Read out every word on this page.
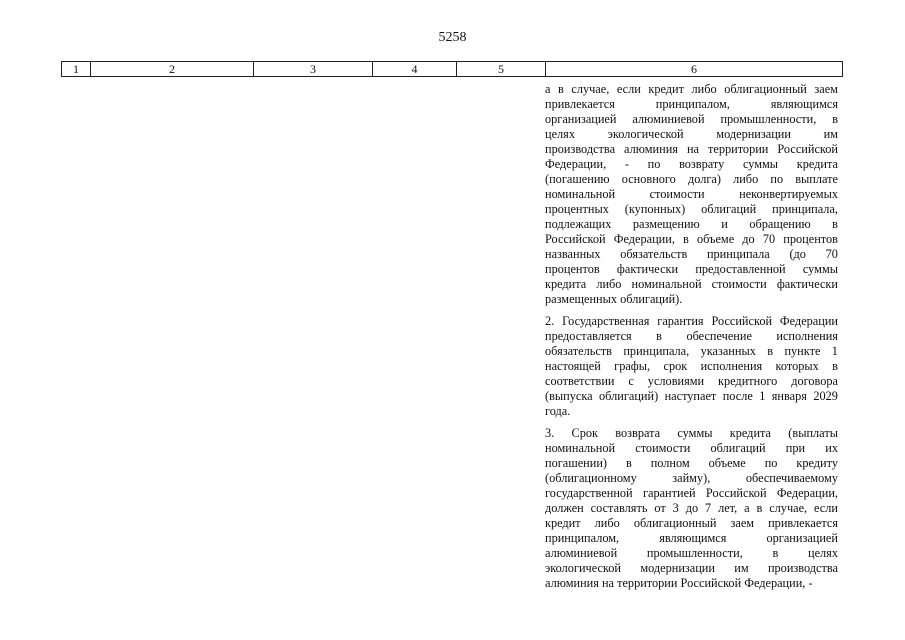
5258
1	2	3	4	5	6
а в случае, если кредит либо облигационный заем
привлекается	принципалом,	являющимся
организацией алюминиевой промышленности, в
целях	экологической	модернизации	им
производства алюминия на территории Российской
Федерации, - по возврату суммы кредита
(погашению основного долга) либо по выплате
номинальной	стоимости	неконвертируемых
процентных (купонных) облигаций принципала,
подлежащих размещению и обращению в
Российской Федерации, в объеме до 70 процентов
названных обязательств принципала (до 70
процентов фактически предоставленной суммы
кредита либо номинальной стоимости фактически
размещенных облигаций).
2. Государственная гарантия Российской Федерации
предоставляется в обеспечение исполнения
обязательств принципала, указанных в пункте 1
настоящей графы, срок исполнения которых в
соответствии с условиями кредитного договора
(выпуска облигаций) наступает после 1 января 2029
года.
3. Срок возврата суммы кредита (выплаты
номинальной стоимости облигаций при их
погашении) в полном объеме по кредиту
(облигационному	займу),	обеспечиваемому
государственной гарантией Российской Федерации,
должен составлять от 3 до 7 лет, а в случае, если
кредит либо облигационный заем привлекается
принципалом,	являющимся	организацией
алюминиевой промышленности, в целях
экологической модернизации им производства
алюминия на территории Российской Федерации, -
